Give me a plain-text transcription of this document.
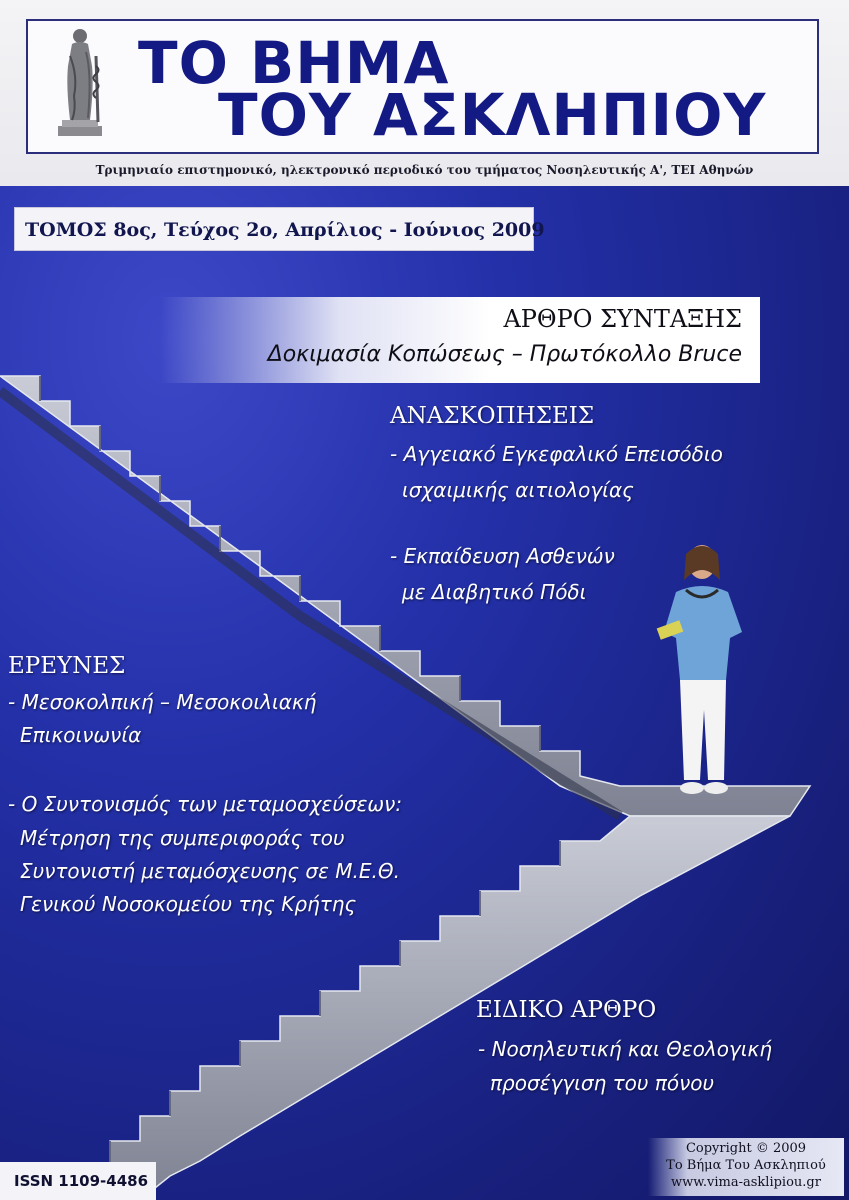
ΤΟ ΒΗΜΑ
ΤΟΥ ΑΣΚΛΗΠΙΟΥ
Τριμηνιαίο επιστημονικό, ηλεκτρονικό περιοδικό του τμήματος Νοσηλευτικής Α', ΤΕΙ Αθηνών
ΤΟΜΟΣ 8ος, Τεύχος 2ο, Απρίλιος - Ιούνιος 2009
ΑΡΘΡΟ ΣΥΝΤΑΞΗΣ
Δοκιμασία Κοπώσεως – Πρωτόκολλο Bruce
ΑΝΑΣΚΟΠΗΣΕΙΣ
- Αγγειακό Εγκεφαλικό Επεισόδιο
ισχαιμικής αιτιολογίας
- Εκπαίδευση Ασθενών
με Διαβητικό Πόδι
ΕΡΕΥΝΕΣ
- Μεσοκολπική – Μεσοκοιλιακή
Επικοινωνία
- Ο Συντονισμός των μεταμοσχεύσεων:
Μέτρηση της συμπεριφοράς του
Συντονιστή μεταμόσχευσης σε Μ.Ε.Θ.
Γενικού Νοσοκομείου της Κρήτης
ΕΙΔΙΚΟ ΑΡΘΡΟ
- Νοσηλευτική και Θεολογική
προσέγγιση του πόνου
ISSN 1109-4486
Copyright © 2009
Το Βήμα Του Ασκληπιού
www.vima-asklipiou.gr
